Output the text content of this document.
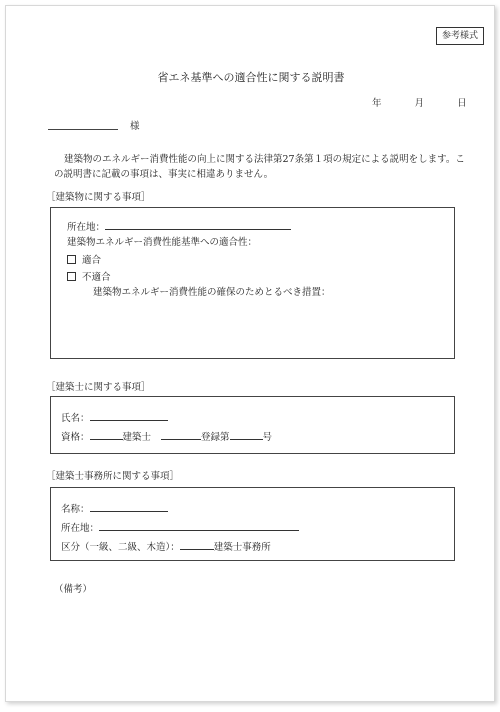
参考様式
省エネ基準への適合性に関する説明書
年	月	日
様
建築物のエネルギー消費性能の向上に関する法律第27条第１項の規定による説明をします。この説明書に記載の事項は、事実に相違ありません。
［建築物に関する事項］
所在地：
建築物エネルギー消費性能基準への適合性：
適合
不適合
建築物エネルギー消費性能の確保のためとるべき措置：
［建築士に関する事項］
氏名：
資格：	建築士	登録第	号
［建築士事務所に関する事項］
名称：
所在地：
区分（一級、二級、木造）：	建築士事務所
（備考）
